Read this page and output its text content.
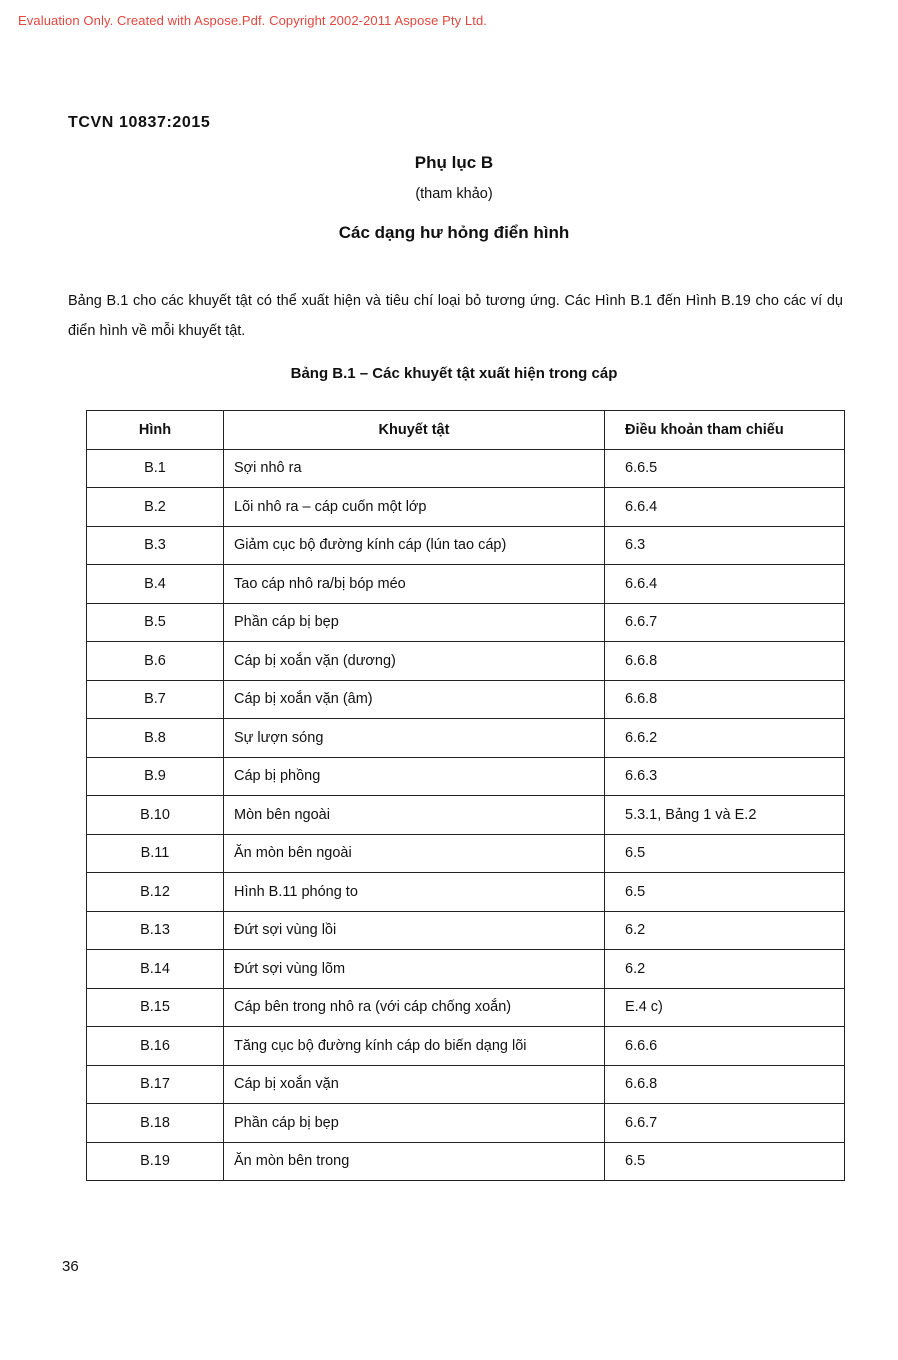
Evaluation Only. Created with Aspose.Pdf. Copyright 2002-2011 Aspose Pty Ltd.
TCVN 10837:2015
Phụ lục B
(tham khảo)
Các dạng hư hỏng điển hình
Bảng B.1 cho các khuyết tật có thể xuất hiện và tiêu chí loại bỏ tương ứng. Các Hình B.1 đến Hình B.19 cho các ví dụ điển hình về mỗi khuyết tật.
Bảng B.1 – Các khuyết tật xuất hiện trong cáp
Hình	Khuyết tật	Điều khoản tham chiếu
B.1	Sợi nhô ra	6.6.5
B.2	Lõi nhô ra – cáp cuốn một lớp	6.6.4
B.3	Giảm cục bộ đường kính cáp (lún tao cáp)	6.3
B.4	Tao cáp nhô ra/bị bóp méo	6.6.4
B.5	Phần cáp bị bẹp	6.6.7
B.6	Cáp bị xoắn vặn (dương)	6.6.8
B.7	Cáp bị xoắn vặn (âm)	6.6.8
B.8	Sự lượn sóng	6.6.2
B.9	Cáp bị phồng	6.6.3
B.10	Mòn bên ngoài	5.3.1, Bảng 1 và E.2
B.11	Ăn mòn bên ngoài	6.5
B.12	Hình B.11 phóng to	6.5
B.13	Đứt sợi vùng lồi	6.2
B.14	Đứt sợi vùng lõm	6.2
B.15	Cáp bên trong nhô ra (với cáp chống xoắn)	E.4 c)
B.16	Tăng cục bộ đường kính cáp do biến dạng lõi	6.6.6
B.17	Cáp bị xoắn vặn	6.6.8
B.18	Phần cáp bị bẹp	6.6.7
B.19	Ăn mòn bên trong	6.5
36
